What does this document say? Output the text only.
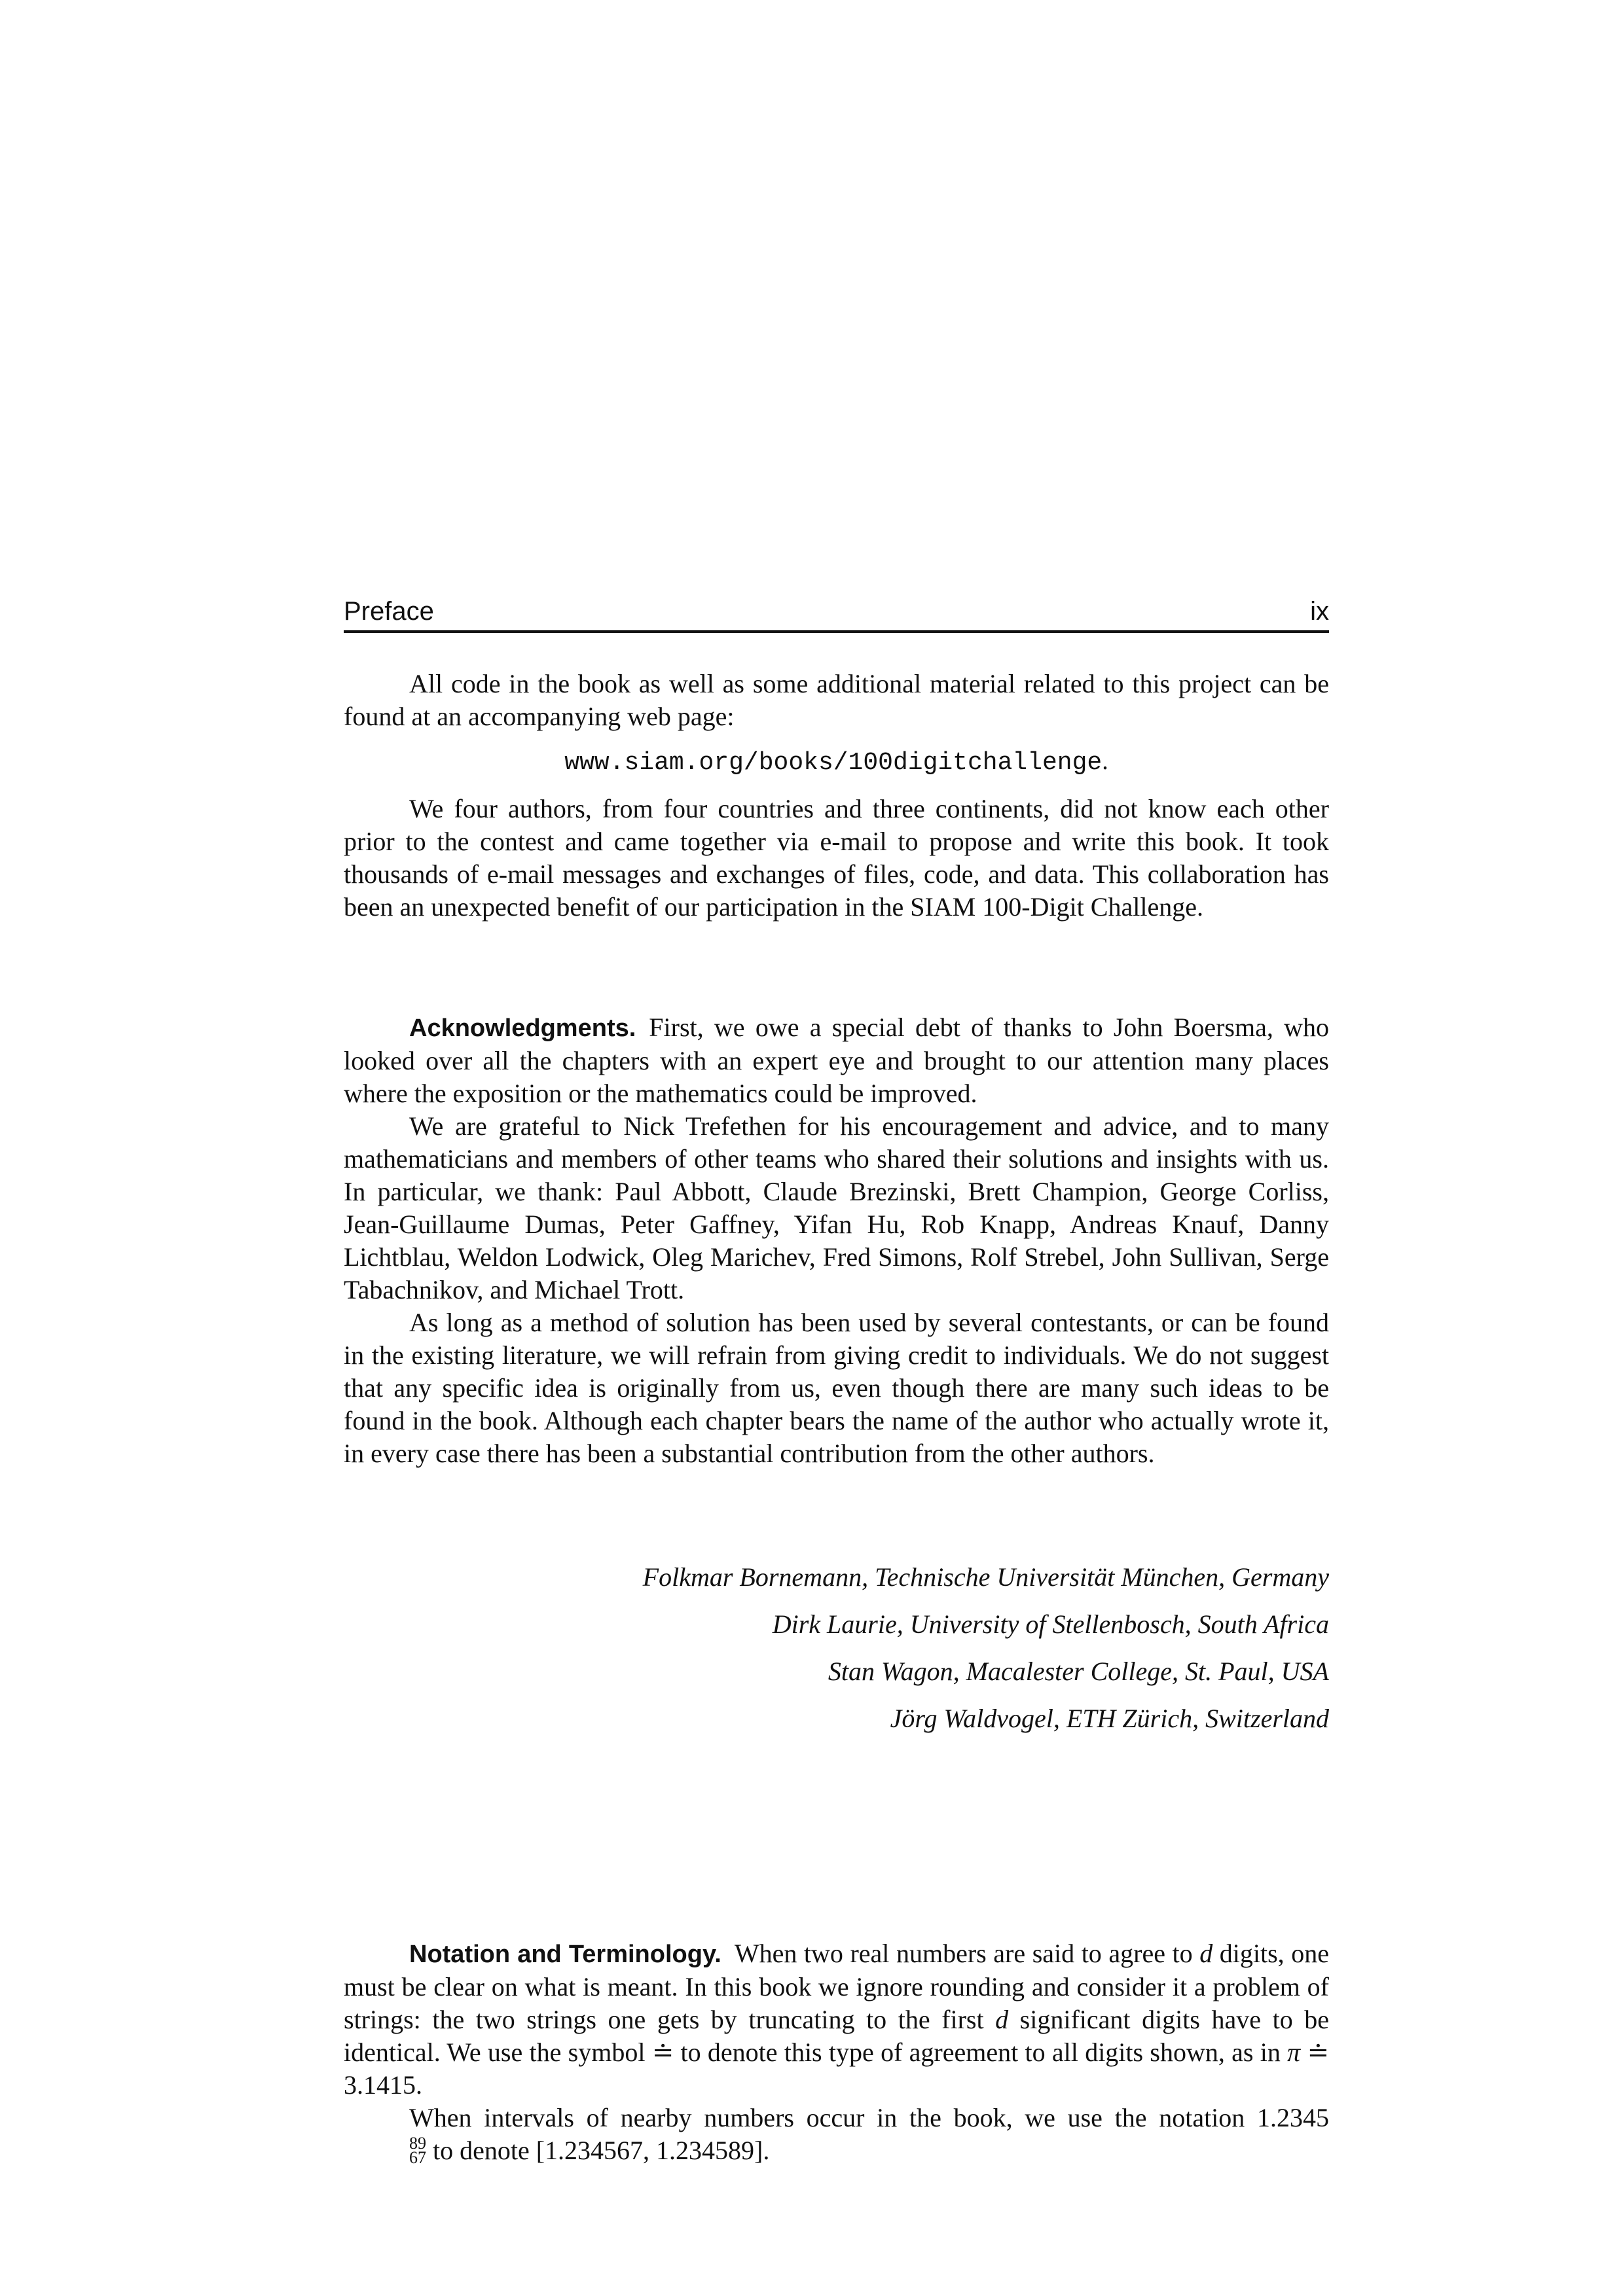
Preface	ix

All code in the book as well as some additional material related to this project can be found at an accompanying web page:

www.siam.org/books/100digitchallenge.

We four authors, from four countries and three continents, did not know each other prior to the contest and came together via e-mail to propose and write this book. It took thousands of e-mail messages and exchanges of files, code, and data. This collaboration has been an unexpected benefit of our participation in the SIAM 100-Digit Challenge.

Acknowledgments.  First, we owe a special debt of thanks to John Boersma, who looked over all the chapters with an expert eye and brought to our attention many places where the exposition or the mathematics could be improved.

We are grateful to Nick Trefethen for his encouragement and advice, and to many mathematicians and members of other teams who shared their solutions and insights with us. In particular, we thank: Paul Abbott, Claude Brezinski, Brett Champion, George Corliss, Jean-Guillaume Dumas, Peter Gaffney, Yifan Hu, Rob Knapp, Andreas Knauf, Danny Lichtblau, Weldon Lodwick, Oleg Marichev, Fred Simons, Rolf Strebel, John Sullivan, Serge Tabachnikov, and Michael Trott.

As long as a method of solution has been used by several contestants, or can be found in the existing literature, we will refrain from giving credit to individuals. We do not suggest that any specific idea is originally from us, even though there are many such ideas to be found in the book. Although each chapter bears the name of the author who actually wrote it, in every case there has been a substantial contribution from the other authors.

Folkmar Bornemann, Technische Universität München, Germany

Dirk Laurie, University of Stellenbosch, South Africa

Stan Wagon, Macalester College, St. Paul, USA

Jörg Waldvogel, ETH Zürich, Switzerland

Notation and Terminology.  When two real numbers are said to agree to d digits, one must be clear on what is meant. In this book we ignore rounding and consider it a problem of strings: the two strings one gets by truncating to the first d significant digits have to be identical. We use the symbol ≐ to denote this type of agreement to all digits shown, as in π ≐ 3.1415.

When intervals of nearby numbers occur in the book, we use the notation 1.2345
89
67 to denote [1.234567, 1.234589].
